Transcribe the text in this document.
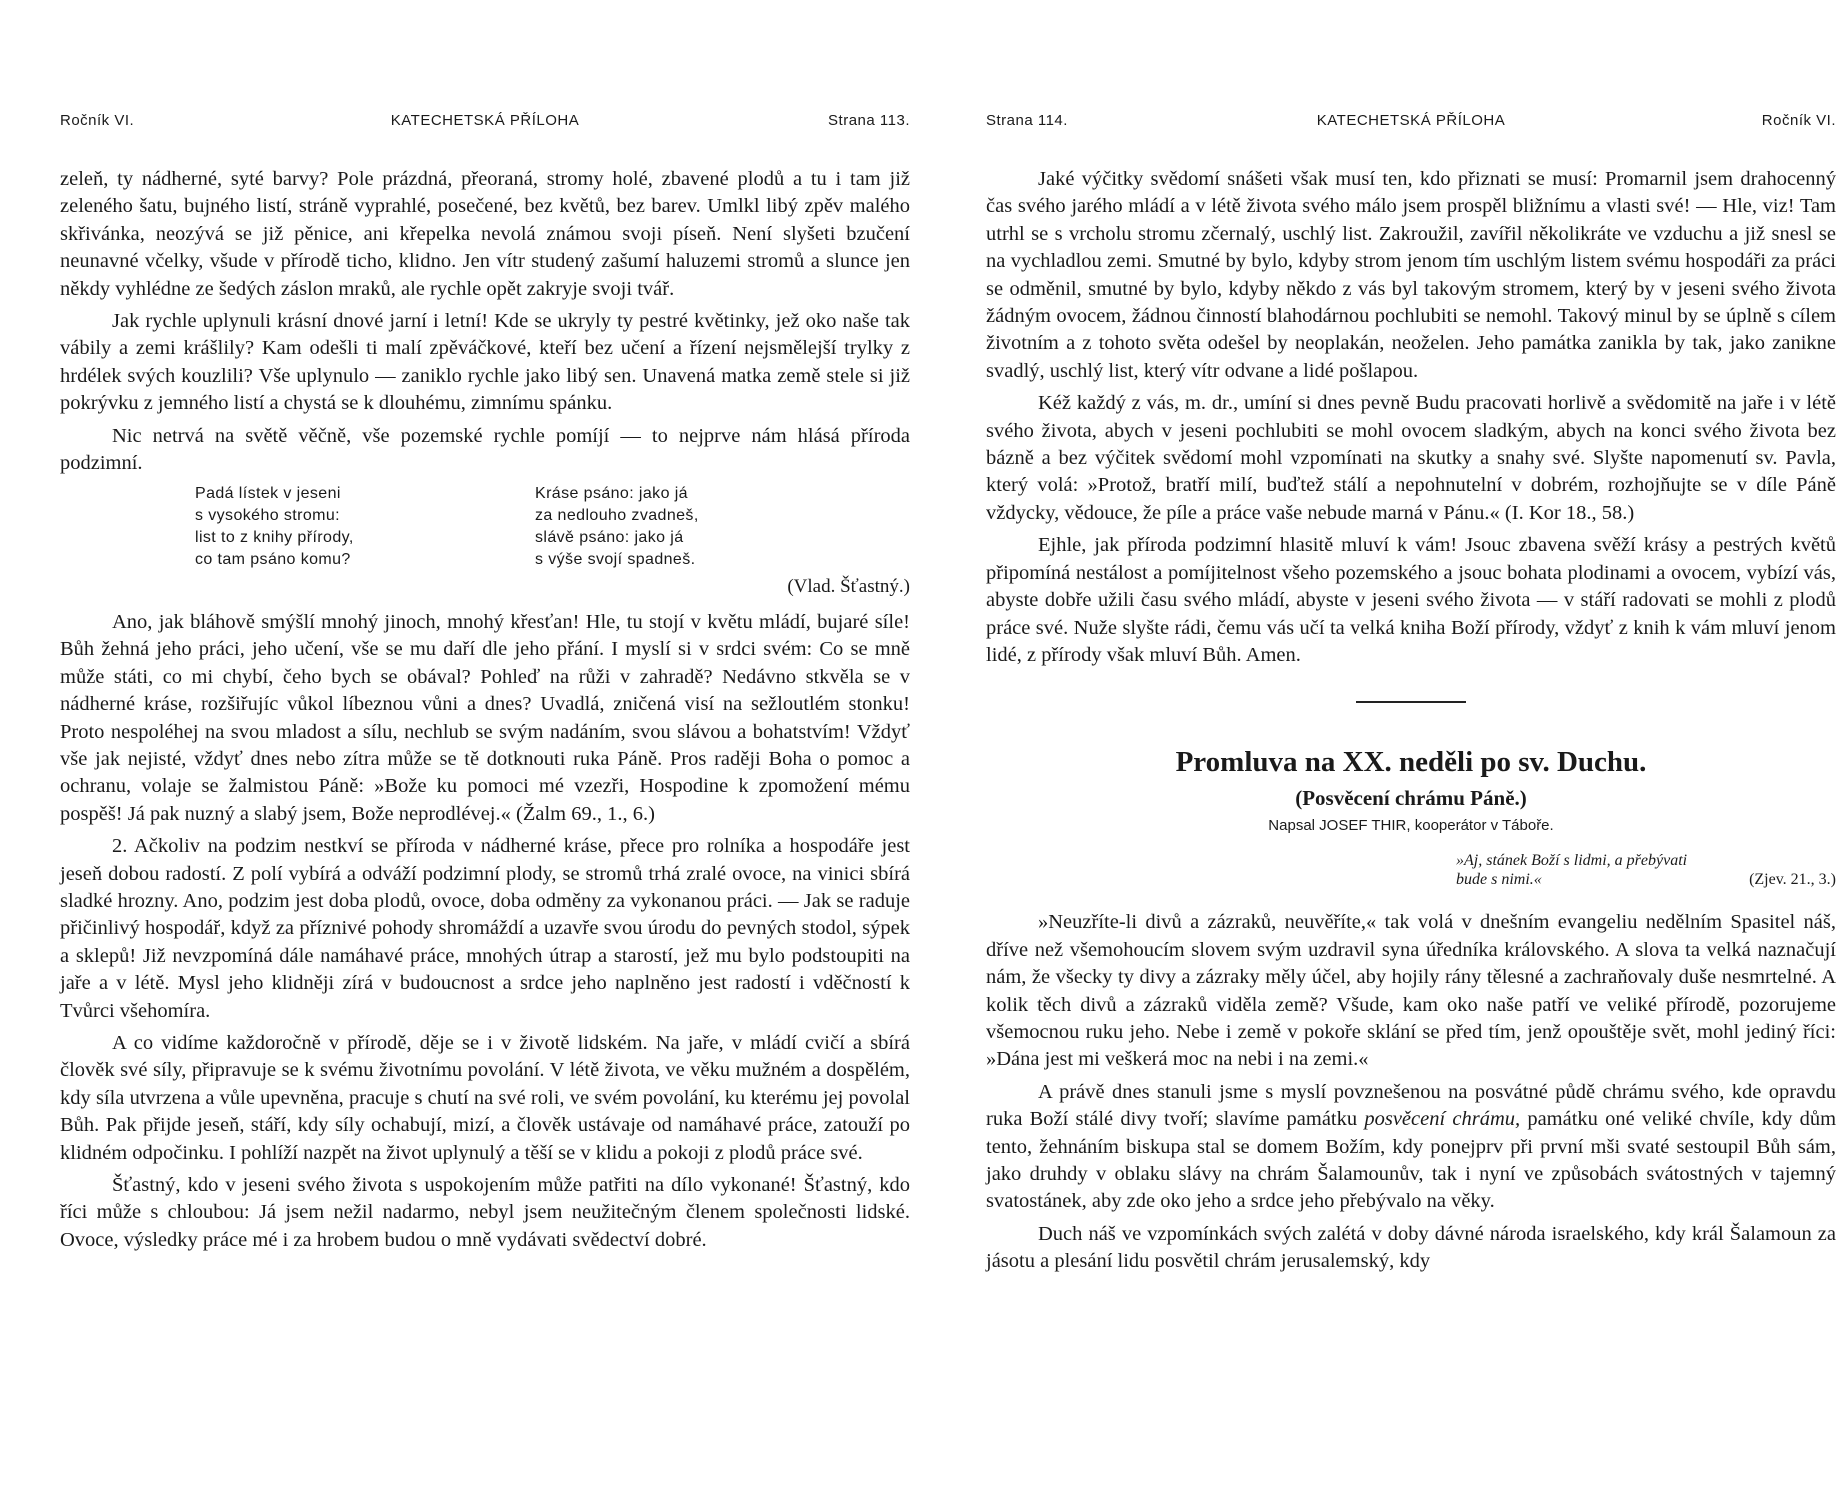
Ročník VI.	KATECHETSKÁ PŘÍLOHA	Strana 113.

zeleň, ty nádherné, syté barvy? Pole prázdná, přeoraná, stromy holé, zbavené plodů a tu i tam již zeleného šatu, bujného listí, stráně vyprahlé, posečené, bez květů, bez barev. Umlkl libý zpěv malého skřivánka, neozývá se již pěnice, ani křepelka nevolá známou svoji píseň. Není slyšeti bzučení neunavné včelky, všude v přírodě ticho, klidno. Jen vítr studený zašumí haluzemi stromů a slunce jen někdy vyhlédne ze šedých záslon mraků, ale rychle opět zakryje svoji tvář.

Jak rychle uplynuli krásní dnové jarní i letní! Kde se ukryly ty pestré květinky, jež oko naše tak vábily a zemi krášlily? Kam odešli ti malí zpěváčkové, kteří bez učení a řízení nejsmělejší trylky z hrdélek svých kouzlili? Vše uplynulo — zaniklo rychle jako libý sen. Unavená matka země stele si již pokrývku z jemného listí a chystá se k dlouhému, zimnímu spánku.

Nic netrvá na světě věčně, vše pozemské rychle pomíjí — to nejprve nám hlásá příroda podzimní.

Padá lístek v jeseni	Kráse psáno: jako já
s vysokého stromu:	za nedlouho zvadneš,
list to z knihy přírody,	slávě psáno: jako já
co tam psáno komu?	s výše svojí spadneš.
(Vlad. Šťastný.)

Ano, jak bláhově smýšlí mnohý jinoch, mnohý křesťan! Hle, tu stojí v květu mládí, bujaré síle! Bůh žehná jeho práci, jeho učení, vše se mu daří dle jeho přání. I myslí si v srdci svém: Co se mně může státi, co mi chybí, čeho bych se obával? Pohleď na růži v zahradě? Nedávno stkvěla se v nádherné kráse, rozšiřujíc vůkol líbeznou vůni a dnes? Uvadlá, zničená visí na sežloutlém stonku! Proto nespoléhej na svou mladost a sílu, nechlub se svým nadáním, svou slávou a bohatstvím! Vždyť vše jak nejisté, vždyť dnes nebo zítra může se tě dotknouti ruka Páně. Pros raději Boha o pomoc a ochranu, volaje se žalmistou Páně: »Bože ku pomoci mé vzezři, Hospodine k zpomožení mému pospěš! Já pak nuzný a slabý jsem, Bože neprodlévej.« (Žalm 69., 1., 6.)

2. Ačkoliv na podzim nestkví se příroda v nádherné kráse, přece pro rolníka a hospodáře jest jeseň dobou radostí. Z polí vybírá a odváží podzimní plody, se stromů trhá zralé ovoce, na vinici sbírá sladké hrozny. Ano, podzim jest doba plodů, ovoce, doba odměny za vykonanou práci. — Jak se raduje přičinlivý hospodář, když za příznivé pohody shromáždí a uzavře svou úrodu do pevných stodol, sýpek a sklepů! Již nevzpomíná dále namáhavé práce, mnohých útrap a starostí, jež mu bylo podstoupiti na jaře a v létě. Mysl jeho klidněji zírá v budoucnost a srdce jeho naplněno jest radostí i vděčností k Tvůrci všehomíra.

A co vidíme každoročně v přírodě, děje se i v životě lidském. Na jaře, v mládí cvičí a sbírá člověk své síly, připravuje se k svému životnímu povolání. V létě života, ve věku mužném a dospělém, kdy síla utvrzena a vůle upevněna, pracuje s chutí na své roli, ve svém povolání, ku kterému jej povolal Bůh. Pak přijde jeseň, stáří, kdy síly ochabují, mizí, a člověk ustávaje od namáhavé práce, zatouží po klidném odpočinku. I pohlíží nazpět na život uplynulý a těší se v klidu a pokoji z plodů práce své.

Šťastný, kdo v jeseni svého života s uspokojením může patřiti na dílo vykonané! Šťastný, kdo říci může s chloubou: Já jsem nežil nadarmo, nebyl jsem neužitečným členem společnosti lidské. Ovoce, výsledky práce mé i za hrobem budou o mně vydávati svědectví dobré.

Strana 114.	KATECHETSKÁ PŘÍLOHA	Ročník VI.

Jaké výčitky svědomí snášeti však musí ten, kdo přiznati se musí: Promarnil jsem drahocenný čas svého jarého mládí a v létě života svého málo jsem prospěl bližnímu a vlasti své! — Hle, viz! Tam utrhl se s vrcholu stromu zčernalý, uschlý list. Zakroužil, zavířil několikráte ve vzduchu a již snesl se na vychladlou zemi. Smutné by bylo, kdyby strom jenom tím uschlým listem svému hospodáři za práci se odměnil, smutné by bylo, kdyby někdo z vás byl takovým stromem, který by v jeseni svého života žádným ovocem, žádnou činností blahodárnou pochlubiti se nemohl. Takový minul by se úplně s cílem životním a z tohoto světa odešel by neoplakán, neoželen. Jeho památka zanikla by tak, jako zanikne svadlý, uschlý list, který vítr odvane a lidé pošlapou.

Kéž každý z vás, m. dr., umíní si dnes pevně Budu pracovati horlivě a svědomitě na jaře i v létě svého života, abych v jeseni pochlubiti se mohl ovocem sladkým, abych na konci svého života bez bázně a bez výčitek svědomí mohl vzpomínati na skutky a snahy své. Slyšte napomenutí sv. Pavla, který volá: »Protož, bratří milí, buďtež stálí a nepohnutelní v dobrém, rozhojňujte se v díle Páně vždycky, vědouce, že píle a práce vaše nebude marná v Pánu.« (I. Kor 18., 58.)

Ejhle, jak příroda podzimní hlasitě mluví k vám! Jsouc zbavena svěží krásy a pestrých květů připomíná nestálost a pomíjitelnost všeho pozemského a jsouc bohata plodinami a ovocem, vybízí vás, abyste dobře užili času svého mládí, abyste v jeseni svého života — v stáří radovati se mohli z plodů práce své. Nuže slyšte rádi, čemu vás učí ta velká kniha Boží přírody, vždyť z knih k vám mluví jenom lidé, z přírody však mluví Bůh. Amen.

Promluva na XX. neděli po sv. Duchu.
(Posvěcení chrámu Páně.)
Napsal JOSEF THIR, kooperátor v Táboře.
»Aj, stánek Boží s lidmi, a přebývati
bude s nimi.«	(Zjev. 21., 3.)

»Neuzříte-li divů a zázraků, neuvěříte,« tak volá v dnešním evangeliu nedělním Spasitel náš, dříve než všemohoucím slovem svým uzdravil syna úředníka královského. A slova ta velká naznačují nám, že všecky ty divy a zázraky měly účel, aby hojily rány tělesné a zachraňovaly duše nesmrtelné. A kolik těch divů a zázraků viděla země? Všude, kam oko naše patří ve veliké přírodě, pozorujeme všemocnou ruku jeho. Nebe i země v pokoře sklání se před tím, jenž opouštěje svět, mohl jediný říci: »Dána jest mi veškerá moc na nebi i na zemi.«

A právě dnes stanuli jsme s myslí povznešenou na posvátné půdě chrámu svého, kde opravdu ruka Boží stálé divy tvoří; slavíme památku posvěcení chrámu, památku oné veliké chvíle, kdy dům tento, žehnáním biskupa stal se domem Božím, kdy ponejprv při první mši svaté sestoupil Bůh sám, jako druhdy v oblaku slávy na chrám Šalamounův, tak i nyní ve způsobách svátostných v tajemný svatostánek, aby zde oko jeho a srdce jeho přebývalo na věky.

Duch náš ve vzpomínkách svých zalétá v doby dávné národa israelského, kdy král Šalamoun za jásotu a plesání lidu posvětil chrám jerusalemský, kdy
